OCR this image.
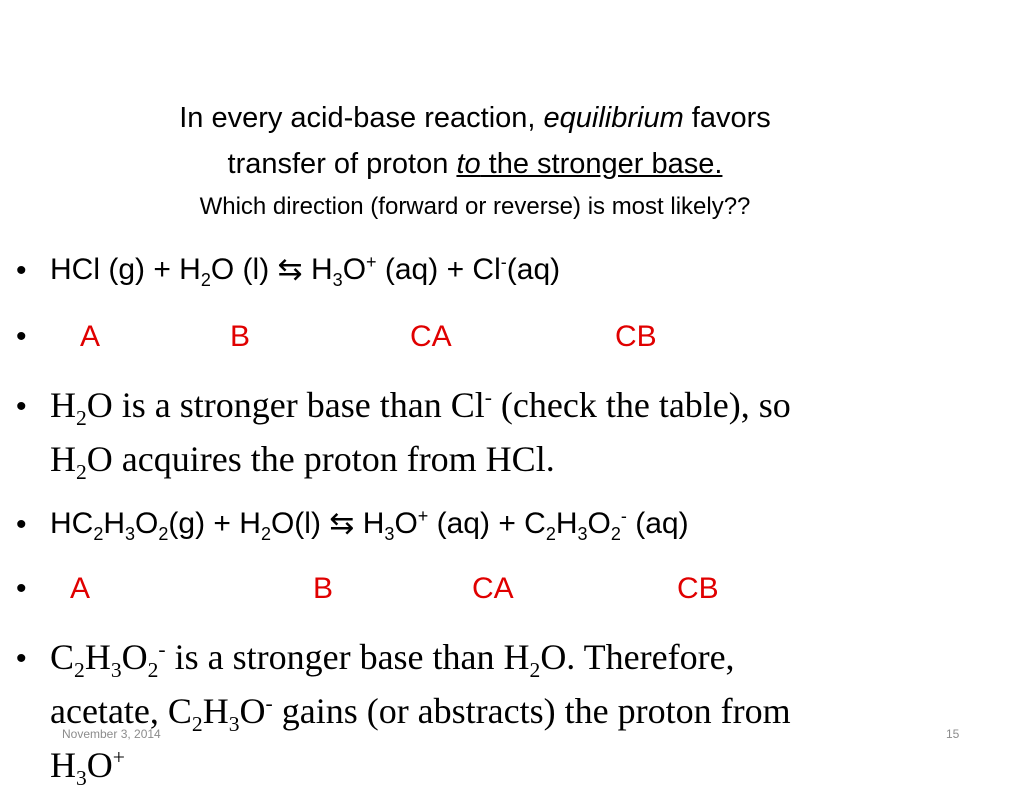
In every acid-base reaction, equilibrium favors
transfer of proton to the stronger base.
Which direction (forward or reverse) is most likely??
• HCl $(g) + H_2O$ (l) ⇆ $H_3O^+$ (aq) + Cl-(aq)
• A	B	CA	CB
• $H_2O$ is a stronger base than Cl- (check the table), so
$H_2O$ acquires the proton from HCl.
• $HC_2H_3O_2(g) + H_2O(l)$ ⇆ $H_3O^+$ $(aq) + C_2H_3O_2^-$ (aq)
• A	B	CA	CB
• $C_2H_3O_2^-$ is a stronger base than $H_2O$. Therefore,
acetate, $C_2H_3O^-$ gains (or abstracts) the proton from
$H_3O^+$
November 3, 2014	15
